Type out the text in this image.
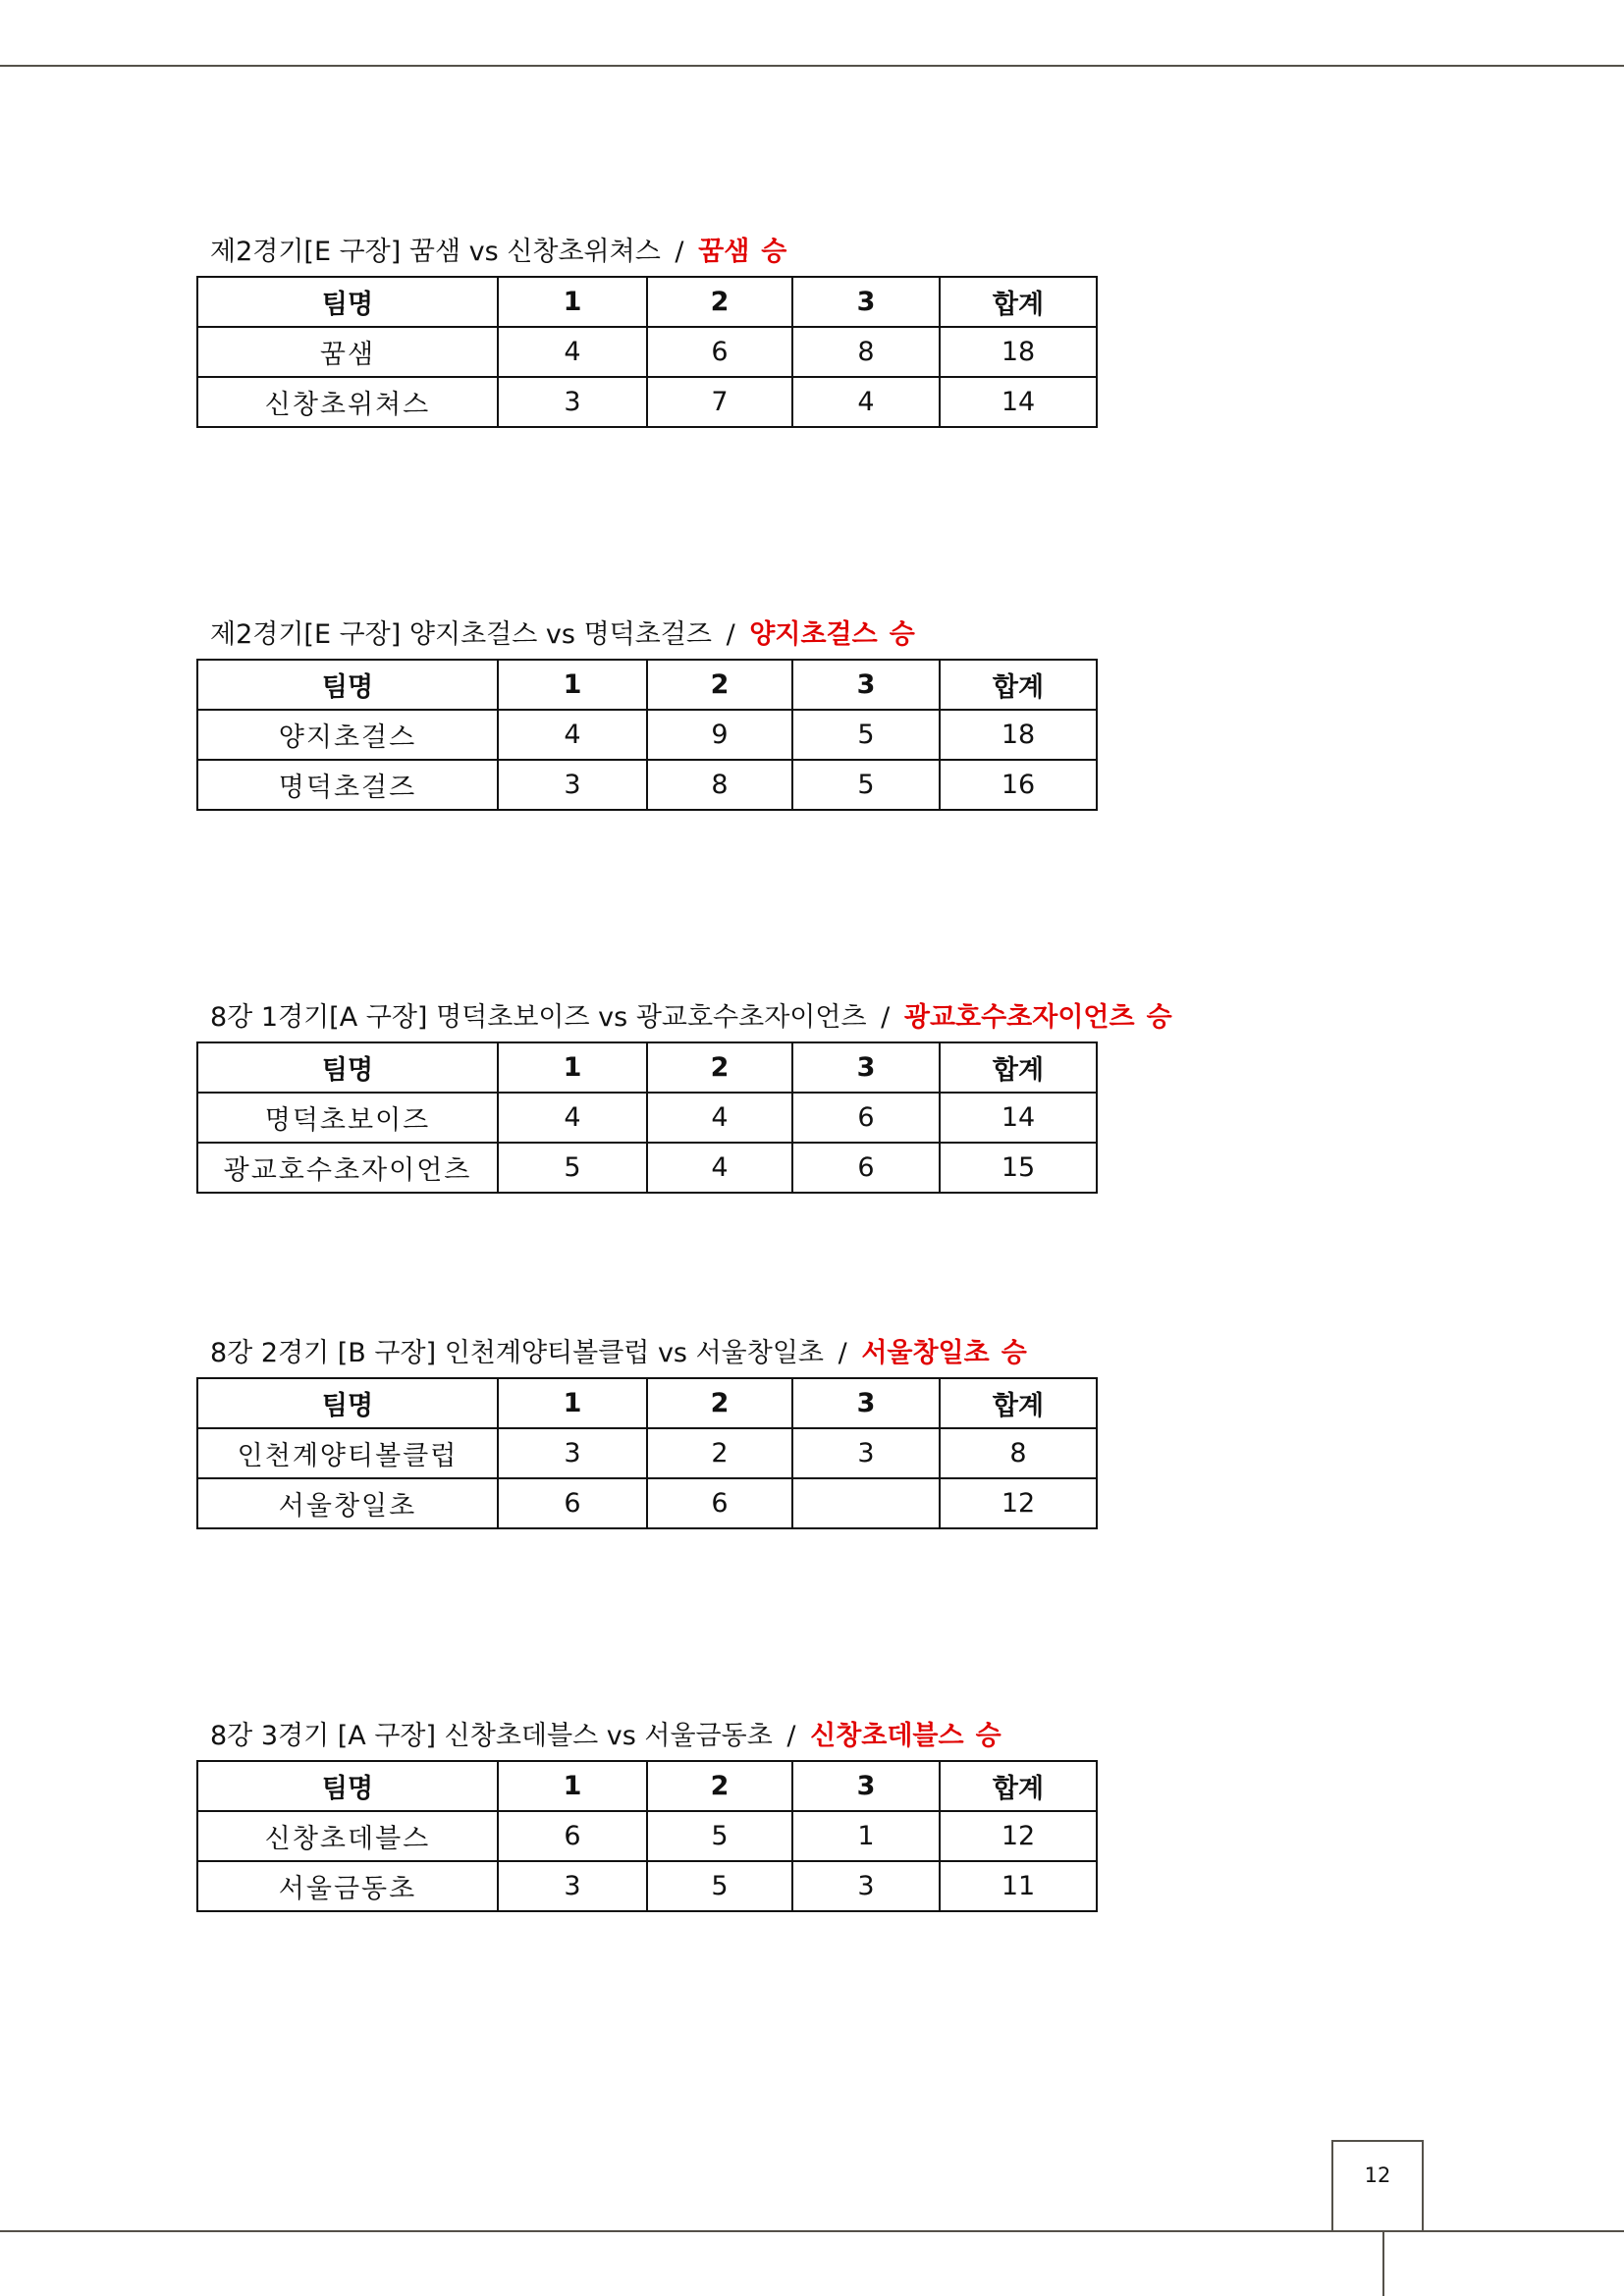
제2경기[E 구장] 꿈샘 vs 신창초위쳐스 / 꿈샘 승
팀명	1	2	3	합계
꿈샘	4	6	8	18
신창초위쳐스	3	7	4	14
제2경기[E 구장] 양지초걸스 vs 명덕초걸즈 / 양지초걸스 승
팀명	1	2	3	합계
양지초걸스	4	9	5	18
명덕초걸즈	3	8	5	16
8강 1경기[A 구장] 명덕초보이즈 vs 광교호수초자이언츠 / 광교호수초자이언츠 승
팀명	1	2	3	합계
명덕초보이즈	4	4	6	14
광교호수초자이언츠	5	4	6	15
8강 2경기 [B 구장] 인천계양티볼클럽 vs 서울창일초 / 서울창일초 승
팀명	1	2	3	합계
인천계양티볼클럽	3	2	3	8
서울창일초	6	6		12
8강 3경기 [A 구장] 신창초데블스 vs 서울금동초 / 신창초데블스 승
팀명	1	2	3	합계
신창초데블스	6	5	1	12
서울금동초	3	5	3	11
12
